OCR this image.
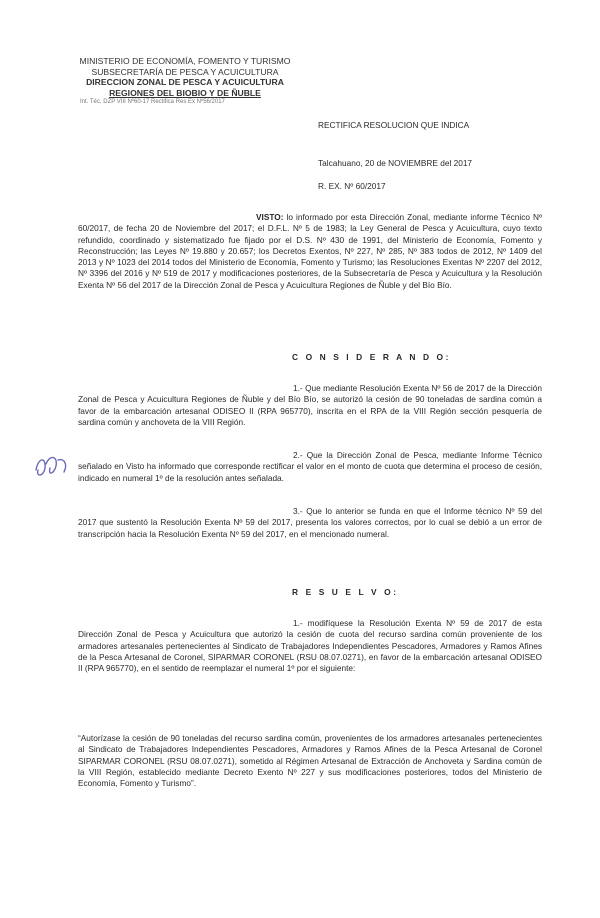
MINISTERIO DE ECONOMÍA, FOMENTO Y TURISMO
SUBSECRETARÍA DE PESCA Y ACUICULTURA
DIRECCION ZONAL DE PESCA Y ACUICULTURA
REGIONES DEL BIOBIO Y DE ÑUBLE
Int. Téc. DZP VIII Nº60-17 Rectifica Res Ex Nº56/2017
RECTIFICA RESOLUCION QUE INDICA
Talcahuano, 20 de NOVIEMBRE del 2017
R. EX. Nº 60/2017
VISTO: lo informado por esta Dirección Zonal, mediante informe Técnico Nº 60/2017, de fecha 20 de Noviembre del 2017; el D.F.L. Nº 5 de 1983; la Ley General de Pesca y Acuicultura, cuyo texto refundido, coordinado y sistematizado fue fijado por el D.S. Nº 430 de 1991, del Ministerio de Economía, Fomento y Reconstrucción; las Leyes Nº 19.880 y 20.657; los Decretos Exentos, Nº 227, Nº 285, Nº 383 todos de 2012, Nº 1409 del 2013 y Nº 1023 del 2014 todos del Ministerio de Economía, Fomento y Turismo; las Resoluciones Exentas Nº 2207 del 2012, Nº 3396 del 2016 y Nº 519 de 2017 y modificaciones posteriores, de la Subsecretaría de Pesca y Acuicultura y la Resolución Exenta Nº 56 del 2017 de la Dirección Zonal de Pesca y Acuicultura Regiones de Ñuble y del Bío Bío.
C O N S I D E R A N D O:
1.- Que mediante Resolución Exenta Nº 56 de 2017 de la Dirección Zonal de Pesca y Acuicultura Regiones de Ñuble y del Bío Bío, se autorizó la cesión de 90 toneladas de sardina común a favor de la embarcación artesanal ODISEO II (RPA 965770), inscrita en el RPA de la VIII Región sección pesquería de sardina común y anchoveta de la VIII Región.
2.- Que la Dirección Zonal de Pesca, mediante Informe Técnico señalado en Visto ha informado que corresponde rectificar el valor en el monto de cuota que determina el proceso de cesión, indicado en numeral 1º de la resolución antes señalada.
3.- Que lo anterior se funda en que el Informe técnico Nº 59 del 2017 que sustentó la Resolución Exenta Nº 59 del 2017, presenta los valores correctos, por lo cual se debió a un error de transcripción hacia la Resolución Exenta Nº 59 del 2017, en el mencionado numeral.
R E S U E L V O:
1.- modifíquese la Resolución Exenta Nº 59 de 2017 de esta Dirección Zonal de Pesca y Acuicultura que autorizó la cesión de cuota del recurso sardina común proveniente de los armadores artesanales pertenecientes al Sindicato de Trabajadores Independientes Pescadores, Armadores y Ramos Afines de la Pesca Artesanal de Coronel, SIPARMAR CORONEL (RSU 08.07.0271), en favor de la embarcación artesanal ODISEO II (RPA 965770), en el sentido de reemplazar el numeral 1º por el siguiente:
“Autorízase la cesión de 90 toneladas del recurso sardina común, provenientes de los armadores artesanales pertenecientes al Sindicato de Trabajadores Independientes Pescadores, Armadores y Ramos Afines de la Pesca Artesanal de Coronel SIPARMAR CORONEL (RSU 08.07.0271), sometido al Régimen Artesanal de Extracción de Anchoveta y Sardina común de la VIII Región, establecido mediante Decreto Exento Nº 227 y sus modificaciones posteriores, todos del Ministerio de Economía, Fomento y Turismo”.
